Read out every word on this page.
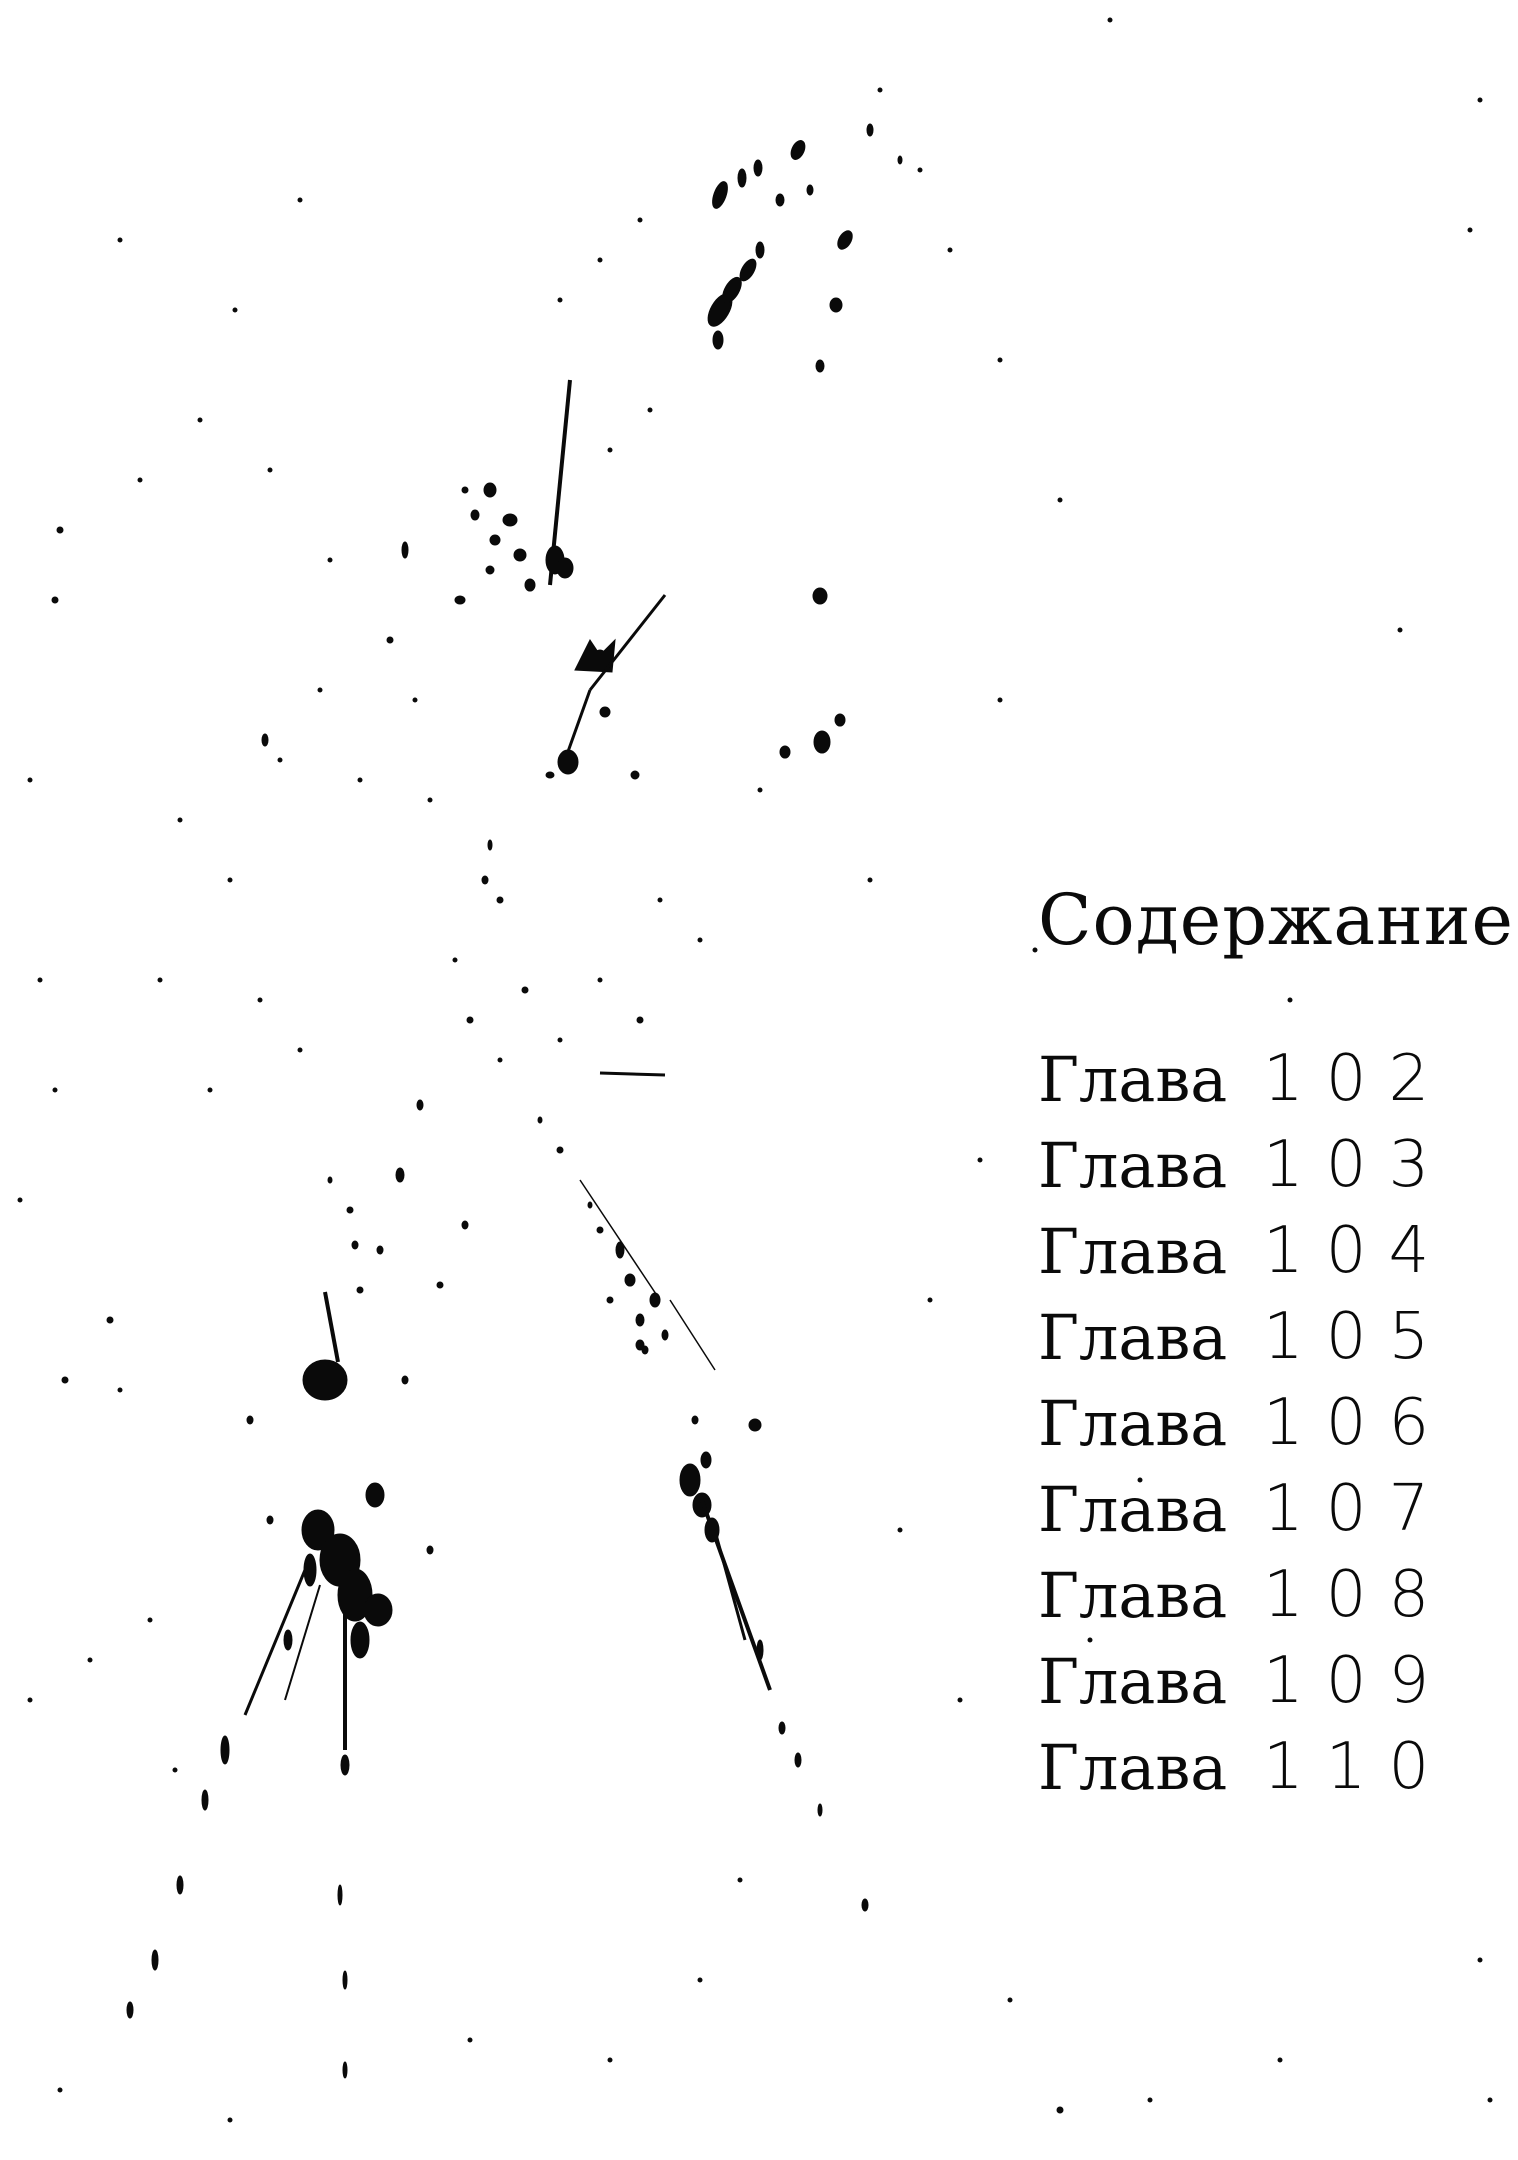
Содержание
Глава 102
Глава 103
Глава 104
Глава 105
Глава 106
Глава 107
Глава 108
Глава 109
Глава 110
